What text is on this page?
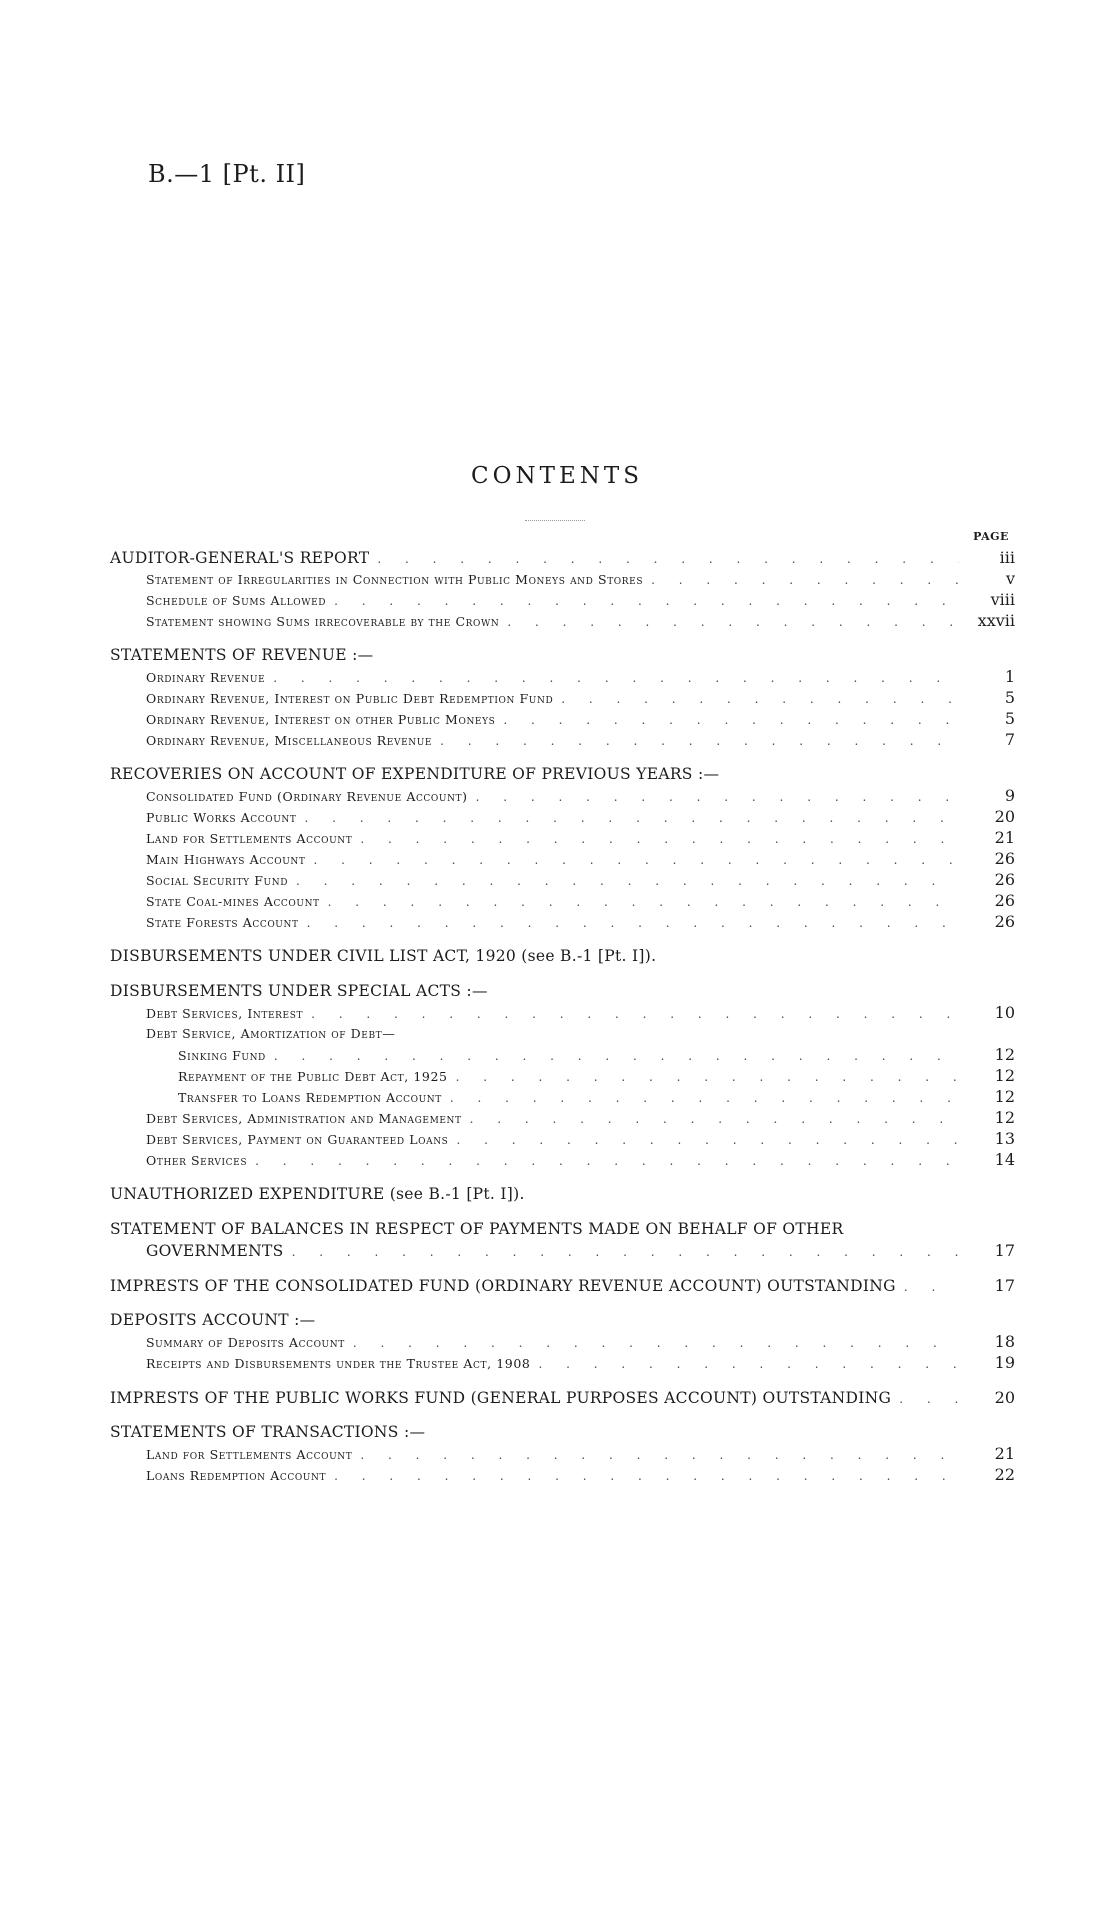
B.—1 [Pt. II]
CONTENTS
PAGE
AUDITOR-GENERAL'S REPORT . . .	iii
Statement of Irregularities in Connection with Public Moneys and Stores . . .	v
Schedule of Sums Allowed . . .	viii
Statement showing Sums irrecoverable by the Crown . . .	xxvii
STATEMENTS OF REVENUE :—
Ordinary Revenue . . .	1
Ordinary Revenue, Interest on Public Debt Redemption Fund . . .	5
Ordinary Revenue, Interest on other Public Moneys . . .	5
Ordinary Revenue, Miscellaneous Revenue . . .	7
RECOVERIES ON ACCOUNT OF EXPENDITURE OF PREVIOUS YEARS :—
Consolidated Fund (Ordinary Revenue Account) . . .	9
Public Works Account . . .	20
Land for Settlements Account . . .	21
Main Highways Account . . .	26
Social Security Fund . . .	26
State Coal-mines Account . . .	26
State Forests Account . . .	26
DISBURSEMENTS UNDER CIVIL LIST ACT, 1920 (see B.-1 [Pt. I]).
DISBURSEMENTS UNDER SPECIAL ACTS :—
Debt Services, Interest . . .	10
Debt Service, Amortization of Debt—
Sinking Fund . . .	12
Repayment of the Public Debt Act, 1925 . . .	12
Transfer to Loans Redemption Account . . .	12
Debt Services, Administration and Management . . .	12
Debt Services, Payment on Guaranteed Loans . . .	13
Other Services . . .	14
UNAUTHORIZED EXPENDITURE (see B.-1 [Pt. I]).
STATEMENT OF BALANCES IN RESPECT OF PAYMENTS MADE ON BEHALF OF OTHER
GOVERNMENTS . . .	17
IMPRESTS OF THE CONSOLIDATED FUND (ORDINARY REVENUE ACCOUNT) OUTSTANDING . . .	17
DEPOSITS ACCOUNT :—
Summary of Deposits Account . . .	18
Receipts and Disbursements under the Trustee Act, 1908 . . .	19
IMPRESTS OF THE PUBLIC WORKS FUND (GENERAL PURPOSES ACCOUNT) OUTSTANDING . . .	20
STATEMENTS OF TRANSACTIONS :—
Land for Settlements Account . . .	21
Loans Redemption Account . . .	22
